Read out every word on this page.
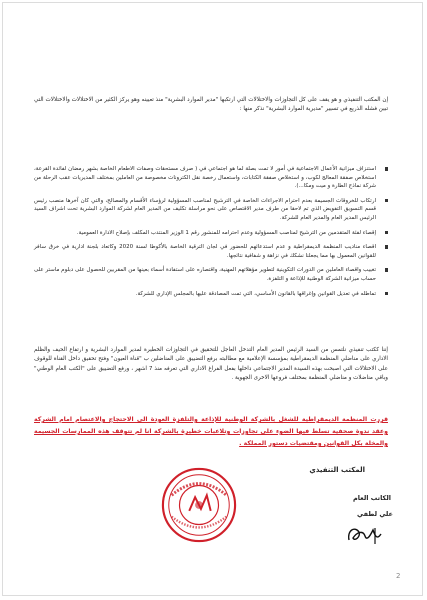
إن المكتب التنفيذي و هو يقف على كل التجاوزات والاختلالات التي ارتكبها "مدير الموارد البشرية" منذ تعيينه وهو يركز الكثير من الاختلالات والاختلالات التي تبين فشله الذريع في تسيير "مديرية الموارد البشرية" نذكر منها :
استنزاف ميزانية الأعمال الاجتماعية في أمور لا تمت بصلة لما هو اجتماعي في ( صرف مستحقات وصفات الاطعام الخاصة بشهر رمضان لفائدة القرعة، استخلاص صفقة المعالج لكوب، و استخلاص صفقة الكتابات، واستعمال رخصة نقل الكترونات مخصوصة من العاملين بمختلف المديريات عقب الرحلة من شركة نماذج الطارة و ميت ومكا...).
ارتكاب للخروقات الجسيمة بعدم احترام الاجراءات الخاصة في الترشيح لمناصب المسؤولية لرؤساء الأقسام والمصالح، والتي كان آخرها منصب رئيس قسم التسويق التفويض الذي تم لاحقا من طرف مدير الاقتصاص على نحو مراسلة تكليف من المدير العام لشركة الموارد البشرية تحت اشراف السيد الرئيس المدير العام والمدير العام للشركة.
إقصاء لفئة المتقدمين من الترشيح لمناصب المسؤولية وعدم احترامه للمنشور رقم 1 الوزير المنتدب المكلف بإصلاح الادارة العمومية.
اقصاء مناديب المنظمة الديمقراطية و عدم استدعائهم للحضور في لجان الترقية الخاصة بالأكوطا لسنة 2020 وكاتعاد بلجنة ادارية في خرق سافر للقوانين المعمول بها مما يجعلنا نشكك في نزاهة و شفافية نتائجها.
تغييب واقصاء العاملين من الدورات التكوينية لتطوير مؤهلاتهم المهنية، واقتصاره على استفادة أسماء بعينها من المقربين للحصول على دبلوم ماستر على حساب ميزانية الشركة الوطنية للإذاعة و التلفزة.
تماطله في تعديل القوانين وإغراقها بالقانون الأساسي، التي تمت المصادقة عليها بالمجلس الإداري للشركة.
إننا ككتب تنفيذي نلتمس من السيد الرئيس المدير العام التدخل العاجل للتحقيق في التجاوزات الخطيرة لمدير الموارد البشرية و ارتفاع الحيف والظلم الاداري على مناضلي المنظمة الديمقراطية بمؤسسة الإعلامية مع مطالبته برفع التضييق على المناضلين ب "قناة العيون" وفتح تحقيق داخل القناة للوقوف على الاختلالات التي اصبحت بهذه السيدة المدير الاجتماعي داخلها بفعل الفراغ الاداري التي تعرفه منذ 7 اشهر ، ورفع التضييق على "الكتب العام الوطني" وباقي مناضلات و مناضلي المنظمة بمختلف فروعها الاخرى الجهوية .
قررت المنظمة الديمقراطية للشغل بالشركة الوطنية للإذاعة والتلفزة العودة الى الاحتجاج والاعتصام امام الشركة وعقد ندوة صحفية تسلط فيها الضوء على تجاوزات وتلاعبات خطيرة بالشركة انا لم تتوقف هذه الممارسات الجسيمة والمخلة بكل القوانين ومقتضيات دستور المملكة .
المكتب التنفيذي
الكاتب العام
علي لطفي
2
